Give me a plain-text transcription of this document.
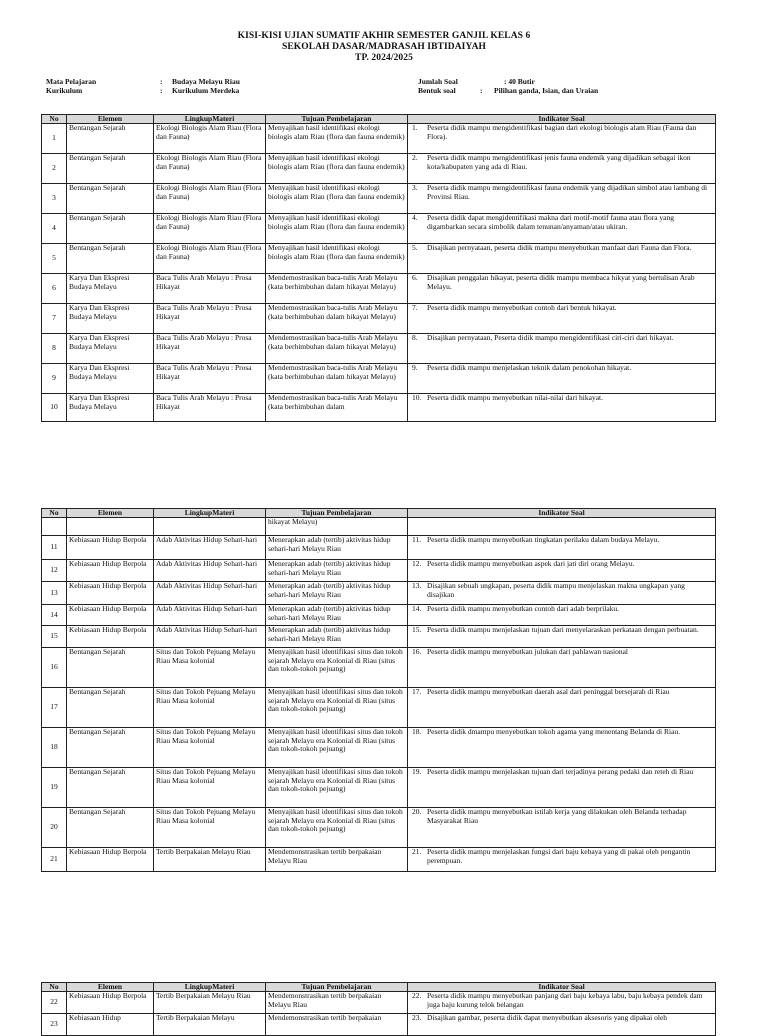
KISI-KISI UJIAN SUMATIF AKHIR SEMESTER GANJIL KELAS 6
SEKOLAH DASAR/MADRASAH IBTIDAIYAH
TP. 2024/2025
Mata Pelajaran	:	Budaya Melayu Riau
Kurikulum	:	Kurikulum Merdeka
Jumlah Soal	: 40 Butir
Bentuk soal	:	Pilihan ganda, Isian, dan Uraian
No	Elemen	LingkupMateri	Tujuan Pembelajaran	Indikator Soal
1	Bentangan Sejarah	Ekologi Biologis Alam Riau (Flora dan Fauna)	Menyajikan hasil identifikasi ekologi biologis alam Riau (flora dan fauna endemik)	1. Peserta didik mampu mengidentifikasi bagian dari ekologi biologis alam Riau (Fauna dan Flora).

2	Bentangan Sejarah	Ekologi Biologis Alam Riau (Flora dan Fauna)	Menyajikan hasil identifikasi ekologi biologis alam Riau (flora dan fauna endemik)	2. Peserta didik mampu mengidentifikasi jenis fauna endemik yang dijadikan sebagai ikon kota/kabupaten yang ada di Riau.

3	Bentangan Sejarah	Ekologi Biologis Alam Riau (Flora dan Fauna)	Menyajikan hasil identifikasi ekologi biologis alam Riau (flora dan fauna endemik)	3. Peserta didik mampu mengidentifikasi fauna endemik yang dijadikan simbol atau lambang di Provinsi Riau.

4	Bentangan Sejarah	Ekologi Biologis Alam Riau (Flora dan Fauna)	Menyajikan hasil identifikasi ekologi biologis alam Riau (flora dan fauna endemik)	4. Peserta didik dapat mengidentifikasi makna dari motif-motif fauna atau flora yang digambarkan secara simbolik dalam tenunan/anyaman/atau ukiran.

5	Bentangan Sejarah	Ekologi Biologis Alam Riau (Flora dan Fauna)	Menyajikan hasil identifikasi ekologi biologis alam Riau (flora dan fauna endemik)	5. Disajikan pernyataan, peserta didik mampu menyebutkan manfaat dari Fauna dan Flora.

6	Karya Dan Ekspresi Budaya Melayu	Baca Tulis Arab Melayu : Prosa Hikayat	Mendemostrasikan baca-tulis Arab Melayu (kata berhimbuhan dalam hikayat Melayu)	6. Disajikan penggalan hikayat, peserta didik mampu membaca hikyat yang bertulisan Arab Melayu.

7	Karya Dan Ekspresi Budaya Melayu	Baca Tulis Arab Melayu : Prosa Hikayat	Mendemostrasikan baca-tulis Arab Melayu (kata berhimbuhan dalam hikayat Melayu)	7. Peserta didik mampu menyebutkan contoh dari bentuk hikayat.

8	Karya Dan Ekspresi Budaya Melayu	Baca Tulis Arab Melayu : Prosa Hikayat	Mendemostrasikan baca-tulis Arab Melayu (kata berhimbuhan dalam hikayat Melayu)	8. Disajikan pernyataan, Peserta didik mampu mengidentifikasi ciri-ciri dari hikayat.

9	Karya Dan Ekspresi Budaya Melayu	Baca Tulis Arab Melayu : Prosa Hikayat	Mendemostrasikan baca-tulis Arab Melayu (kata berhimbuhan dalam hikayat Melayu)	9. Peserta didik mampu menjelaskan teknik dalam penokohan hikayat.

10	Karya Dan Ekspresi Budaya Melayu	Baca Tulis Arab Melayu : Prosa Hikayat	Mendemostrasikan baca-tulis Arab Melayu (kata berhimbuhan dalam	10. Peserta didik mampu menyebutkan nilai-nilai dari hikayat.
No	Elemen	LingkupMateri	Tujuan Pembelajaran	Indikator Soal
			hikayat Melayu)	
11	Kebiasaan Hidup Berpola	Adab Aktivitas Hidup Sehari-hari	Menerapkan adab (tertib) aktivitas hidup sehari-hari Melayu Riau	11. Peserta didik mampu menyebutkan tingkatan perilaku dalam budaya Melayu.

12	Kebiasaan Hidup Berpola	Adab Aktivitas Hidup Sehari-hari	Menerapkan adab (tertib) aktivitas hidup sehari-hari Melayu Riau	12. Peserta didik mampu menyebutkan aspek dari jati diri orang Melayu.

13	Kebiasaan Hidup Berpola	Adab Aktivitas Hidup Sehari-hari	Menerapkan adab (tertib) aktivitas hidup sehari-hari Melayu Riau	13. Disajikan sebuah ungkapan, peserta didik mampu menjelaskan makna ungkapan yang disajikan

14	Kebiasaan Hidup Berpola	Adab Aktivitas Hidup Sehari-hari	Menerapkan adab (tertib) aktivitas hidup sehari-hari Melayu Riau	14. Peserta didik mampu menyebutkan contoh dari adab berprilaku.

15	Kebiasaan Hidup Berpola	Adab Aktivitas Hidup Sehari-hari	Menerapkan adab (tertib) aktivitas hidup sehari-hari Melayu Riau	15. Peserta didik mampu menjelaskan tujuan dari menyelaraskan perkataan dengan perbuatan.

16	Bentangan Sejarah	Situs dan Tokoh Pejuang Melayu Riau Masa kolonial	Menyajikan hasil identifikasi situs dan tokoh sejarah Melayu era Kolonial di Riau (situs dan tokoh-tokoh pejuang)	16. Peserta didik mampu menyebutkan julukan dari pahlawan nasional

17	Bentangan Sejarah	Situs dan Tokoh Pejuang Melayu Riau Masa kolonial	Menyajikan hasil identifikasi situs dan tokoh sejarah Melayu era Kolonial di Riau (situs dan tokoh-tokoh pejuang)	17. Peserta didik mampu menyebutkan daerah asal dari peninggal bersejarah di Riau

18	Bentangan Sejarah	Situs dan Tokoh Pejuang Melayu Riau Masa kolonial	Menyajikan hasil identifikasi situs dan tokoh sejarah Melayu era Kolonial di Riau (situs dan tokoh-tokoh pejuang)	18. Peserta didik dmampu menyebutkan tokoh agama yang menentang Belanda di Riau.

19	Bentangan Sejarah	Situs dan Tokoh Pejuang Melayu Riau Masa kolonial	Menyajikan hasil identifikasi situs dan tokoh sejarah Melayu era Kolonial di Riau (situs dan tokoh-tokoh pejuang)	19. Peserta didik mampu menjelaskan tujuan dari terjadinya perang pedaki dan reteh di Riau

20	Bentangan Sejarah	Situs dan Tokoh Pejuang Melayu Riau Masa kolonial	Menyajikan hasil identifikasi situs dan tokoh sejarah Melayu era Kolonial di Riau (situs dan tokoh-tokoh pejuang)	20. Peserta didik mampu menyebutkan istilah kerja yang dilakukan oleh Belanda terhadap Masyarakat Riau

21	Kebiasaan Hidup Berpola	Tertib Berpakaian Melayu Riau	Mendemonstrasikan tertib berpakaian Melayu Riau	21. Peserta didik mampu menjelaskan fungsi dari baju kebaya yang di pakai oleh pengantin perempuan.
No	Elemen	LingkupMateri	Tujuan Pembelajaran	Indikator Soal
22	Kebiasaan Hidup Berpola	Tertib Berpakaian Melayu Riau	Mendemonstrasikan tertib berpakaian Melayu Riau	22. Peserta didik mampu menyebutkan panjang dari baju kebaya labu, baju kebaya pendek dam juga baju kurung telok belangan

23	Kebiasaan Hidup	Tertib Berpakaian Melayu	Mendemonstrasikan tertib berpakaian	23. Disajikan gambar, peserta didik dapat menyebutkan aksesoris yang dipakai oleh
